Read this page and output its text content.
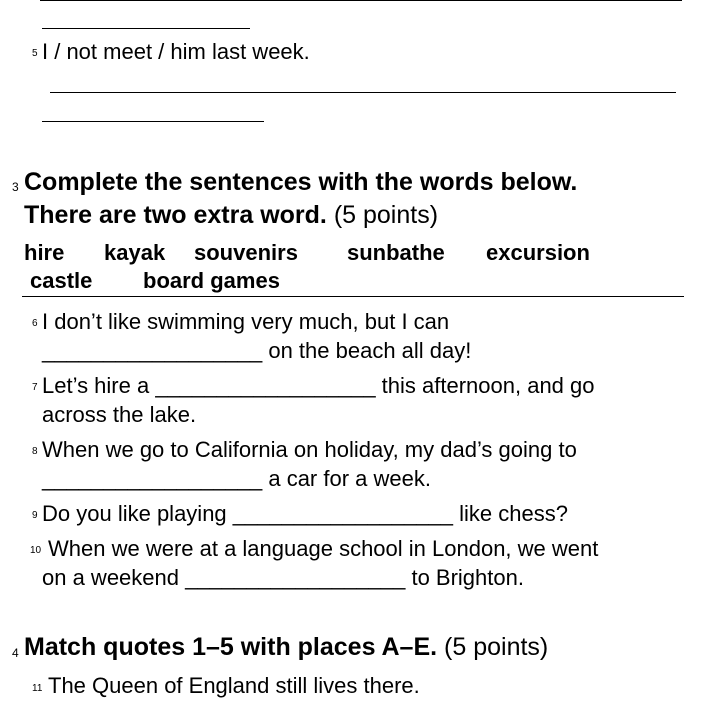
5 I / not meet / him last week.
3 Complete the sentences with the words below.
There are two extra word. (5 points)
hire kayak souvenirs sunbathe excursion
castle board games
6 I don’t like swimming very much, but I can
__________________ on the beach all day!
7 Let’s hire a __________________ this afternoon, and go
across the lake.
8 When we go to California on holiday, my dad’s going to
__________________ a car for a week.
9 Do you like playing __________________ like chess?
10 When we were at a language school in London, we went
on a weekend __________________ to Brighton.
4 Match quotes 1–5 with places A–E. (5 points)
11 The Queen of England still lives there.
